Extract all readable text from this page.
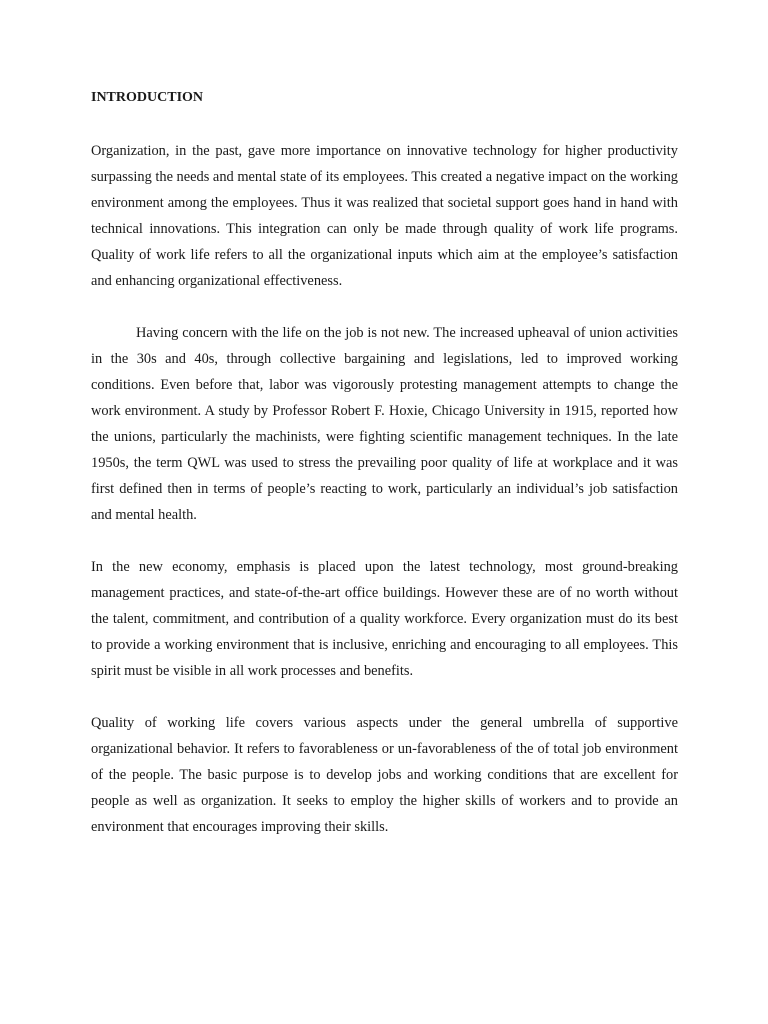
INTRODUCTION

Organization, in the past, gave more importance on innovative technology for higher productivity surpassing the needs and mental state of its employees. This created a negative impact on the working environment among the employees. Thus it was realized that societal support goes hand in hand with technical innovations. This integration can only be made through quality of work life programs. Quality of work life refers to all the organizational inputs which aim at the employee’s satisfaction and enhancing organizational effectiveness.

Having concern with the life on the job is not new. The increased upheaval of union activities in the 30s and 40s, through collective bargaining and legislations, led to improved working conditions. Even before that, labor was vigorously protesting management attempts to change the work environment. A study by Professor Robert F. Hoxie, Chicago University in 1915, reported how the unions, particularly the machinists, were fighting scientific management techniques. In the late 1950s, the term QWL was used to stress the prevailing poor quality of life at workplace and it was first defined then in terms of people’s reacting to work, particularly an individual’s job satisfaction and mental health.

In the new economy, emphasis is placed upon the latest technology, most ground-breaking management practices, and state-of-the-art office buildings. However these are of no worth without the talent, commitment, and contribution of a quality workforce. Every organization must do its best to provide a working environment that is inclusive, enriching and encouraging to all employees. This spirit must be visible in all work processes and benefits.

Quality of working life covers various aspects under the general umbrella of supportive organizational behavior. It refers to favorableness or un-favorableness of the of total job environment of the people. The basic purpose is to develop jobs and working conditions that are excellent for people as well as organization. It seeks to employ the higher skills of workers and to provide an environment that encourages improving their skills.
